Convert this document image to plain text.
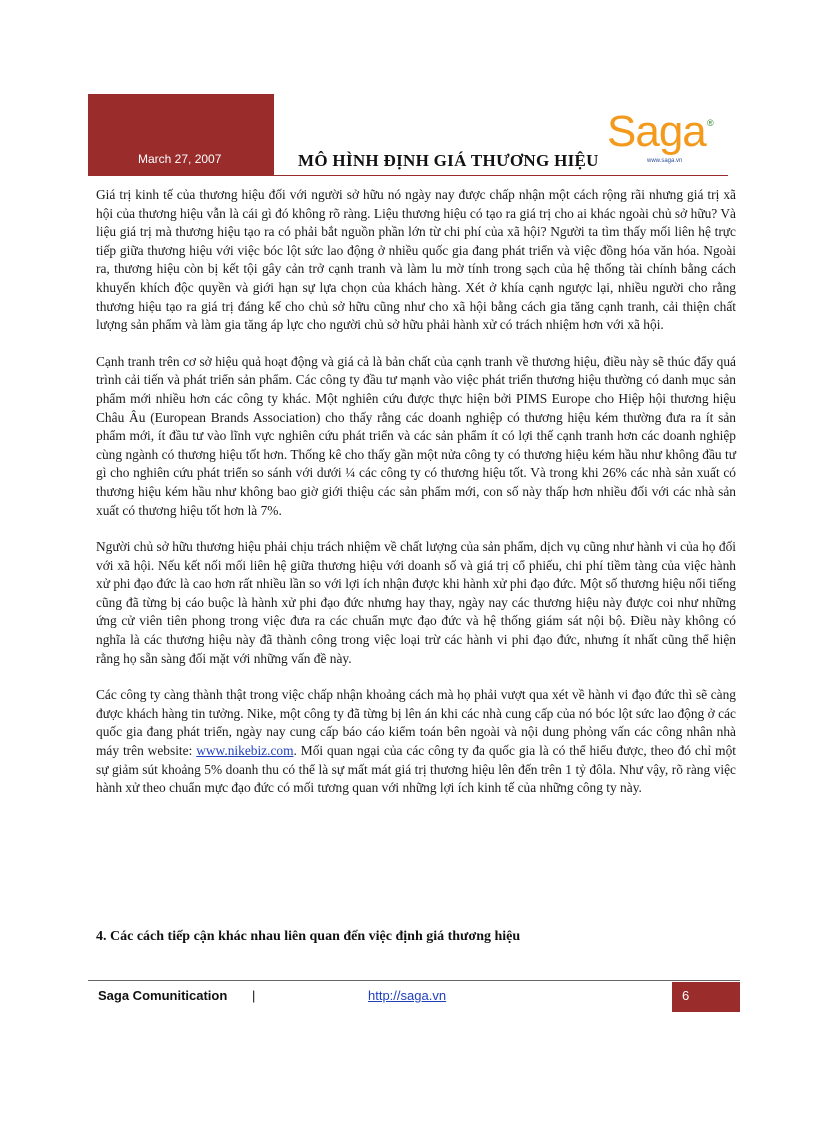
March 27, 2007	MÔ HÌNH ĐỊNH GIÁ THƯƠNG HIỆU
Saga ®
www.saga.vn

Giá trị kinh tế của thương hiệu đối với người sở hữu nó ngày nay được chấp nhận một cách rộng rãi nhưng giá trị xã hội của thương hiệu vẫn là cái gì đó không rõ ràng. Liệu thương hiệu có tạo ra giá trị cho ai khác ngoài chủ sở hữu? Và liệu giá trị mà thương hiệu tạo ra có phải bắt nguồn phần lớn từ chi phí của xã hội? Người ta tìm thấy mối liên hệ trực tiếp giữa thương hiệu với việc bóc lột sức lao động ở nhiều quốc gia đang phát triển và việc đồng hóa văn hóa. Ngoài ra, thương hiệu còn bị kết tội gây cản trở cạnh tranh và làm lu mờ tính trong sạch của hệ thống tài chính bằng cách khuyến khích độc quyền và giới hạn sự lựa chọn của khách hàng. Xét ở khía cạnh ngược lại, nhiều người cho rằng thương hiệu tạo ra giá trị đáng kể cho chủ sở hữu cũng như cho xã hội bằng cách gia tăng cạnh tranh, cải thiện chất lượng sản phẩm và làm gia tăng áp lực cho người chủ sở hữu phải hành xử có trách nhiệm hơn với xã hội.

Cạnh tranh trên cơ sở hiệu quả hoạt động và giá cả là bản chất của cạnh tranh về thương hiệu, điều này sẽ thúc đẩy quá trình cải tiến và phát triển sản phẩm. Các công ty đầu tư mạnh vào việc phát triển thương hiệu thường có danh mục sản phẩm mới nhiều hơn các công ty khác. Một nghiên cứu được thực hiện bởi PIMS Europe cho Hiệp hội thương hiệu Châu Âu (European Brands Association) cho thấy rằng các doanh nghiệp có thương hiệu kém thường đưa ra ít sản phẩm mới, ít đầu tư vào lĩnh vực nghiên cứu phát triển và các sản phẩm ít có lợi thế cạnh tranh hơn các doanh nghiệp cùng ngành có thương hiệu tốt hơn. Thống kê cho thấy gần một nửa công ty có thương hiệu kém hầu như không đầu tư gì cho nghiên cứu phát triển so sánh với dưới ¼ các công ty có thương hiệu tốt. Và trong khi 26% các nhà sản xuất có thương hiệu kém hầu như không bao giờ giới thiệu các sản phẩm mới, con số này thấp hơn nhiều đối với các nhà sản xuất có thương hiệu tốt hơn là 7%.

Người chủ sở hữu thương hiệu phải chịu trách nhiệm về chất lượng của sản phẩm, dịch vụ cũng như hành vi của họ đối với xã hội. Nếu kết nối mối liên hệ giữa thương hiệu với doanh số và giá trị cổ phiếu, chi phí tiềm tàng của việc hành xử phi đạo đức là cao hơn rất nhiều lần so với lợi ích nhận được khi hành xử phi đạo đức. Một số thương hiệu nổi tiếng cũng đã từng bị cáo buộc là hành xử phi đạo đức nhưng hay thay, ngày nay các thương hiệu này được coi như những ứng cử viên tiên phong trong việc đưa ra các chuẩn mực đạo đức và hệ thống giám sát nội bộ. Điều này không có nghĩa là các thương hiệu này đã thành công trong việc loại trừ các hành vi phi đạo đức, nhưng ít nhất cũng thể hiện rằng họ sẵn sàng đối mặt với những vấn đề này.

Các công ty càng thành thật trong việc chấp nhận khoảng cách mà họ phải vượt qua xét về hành vi đạo đức thì sẽ càng được khách hàng tin tưởng. Nike, một công ty đã từng bị lên án khi các nhà cung cấp của nó bóc lột sức lao động ở các quốc gia đang phát triển, ngày nay cung cấp báo cáo kiểm toán bên ngoài và nội dung phỏng vấn các công nhân nhà máy trên website: www.nikebiz.com. Mối quan ngại của các công ty đa quốc gia là có thể hiểu được, theo đó chỉ một sự giảm sút khoảng 5% doanh thu có thể là sự mất mát giá trị thương hiệu lên đến trên 1 tỷ đôla. Như vậy, rõ ràng việc hành xử theo chuẩn mực đạo đức có mối tương quan với những lợi ích kinh tế của những công ty này.

4. Các cách tiếp cận khác nhau liên quan đến việc định giá thương hiệu
Saga Comunitication |	http://saga.vn	6
